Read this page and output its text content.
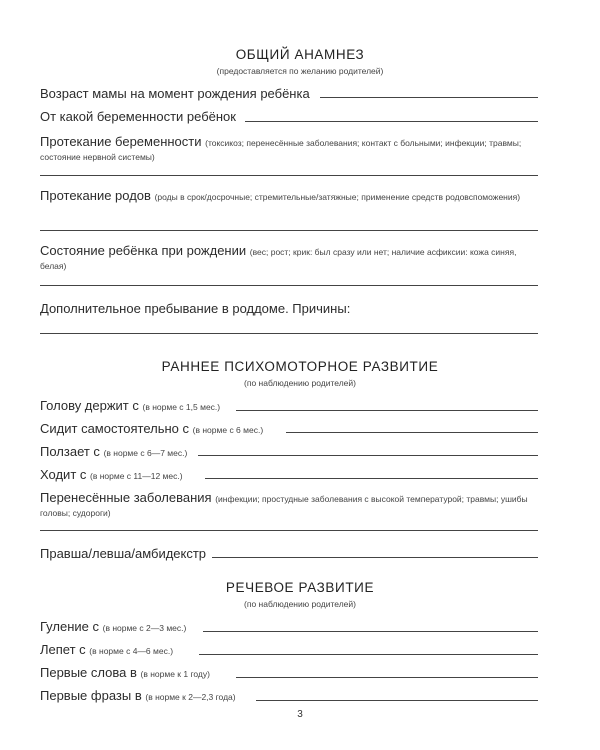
ОБЩИЙ АНАМНЕЗ
(предоставляется по желанию родителей)
Возраст мамы на момент рождения ребёнка
От какой беременности ребёнок
Протекание беременности (токсикоз; перенесённые заболевания; контакт с больными; инфекции; травмы; состояние нервной системы)
Протекание родов (роды в срок/досрочные; стремительные/затяжные; применение средств родовспоможения)
Состояние ребёнка при рождении (вес; рост; крик: был сразу или нет; наличие асфиксии: кожа синяя, белая)
Дополнительное пребывание в роддоме. Причины:
РАННЕЕ ПСИХОМОТОРНОЕ РАЗВИТИЕ
(по наблюдению родителей)
Голову держит с (в норме с 1,5 мес.)
Сидит самостоятельно с (в норме с 6 мес.)
Ползает с (в норме с 6—7 мес.)
Ходит с (в норме с 11—12 мес.)
Перенесённые заболевания (инфекции; простудные заболевания с высокой температурой; травмы; ушибы головы; судороги)
Правша/левша/амбидекстр
РЕЧЕВОЕ РАЗВИТИЕ
(по наблюдению родителей)
Гуление с (в норме с 2—3 мес.)
Лепет с (в норме с 4—6 мес.)
Первые слова в (в норме к 1 году)
Первые фразы в (в норме к 2—2,3 года)
3
